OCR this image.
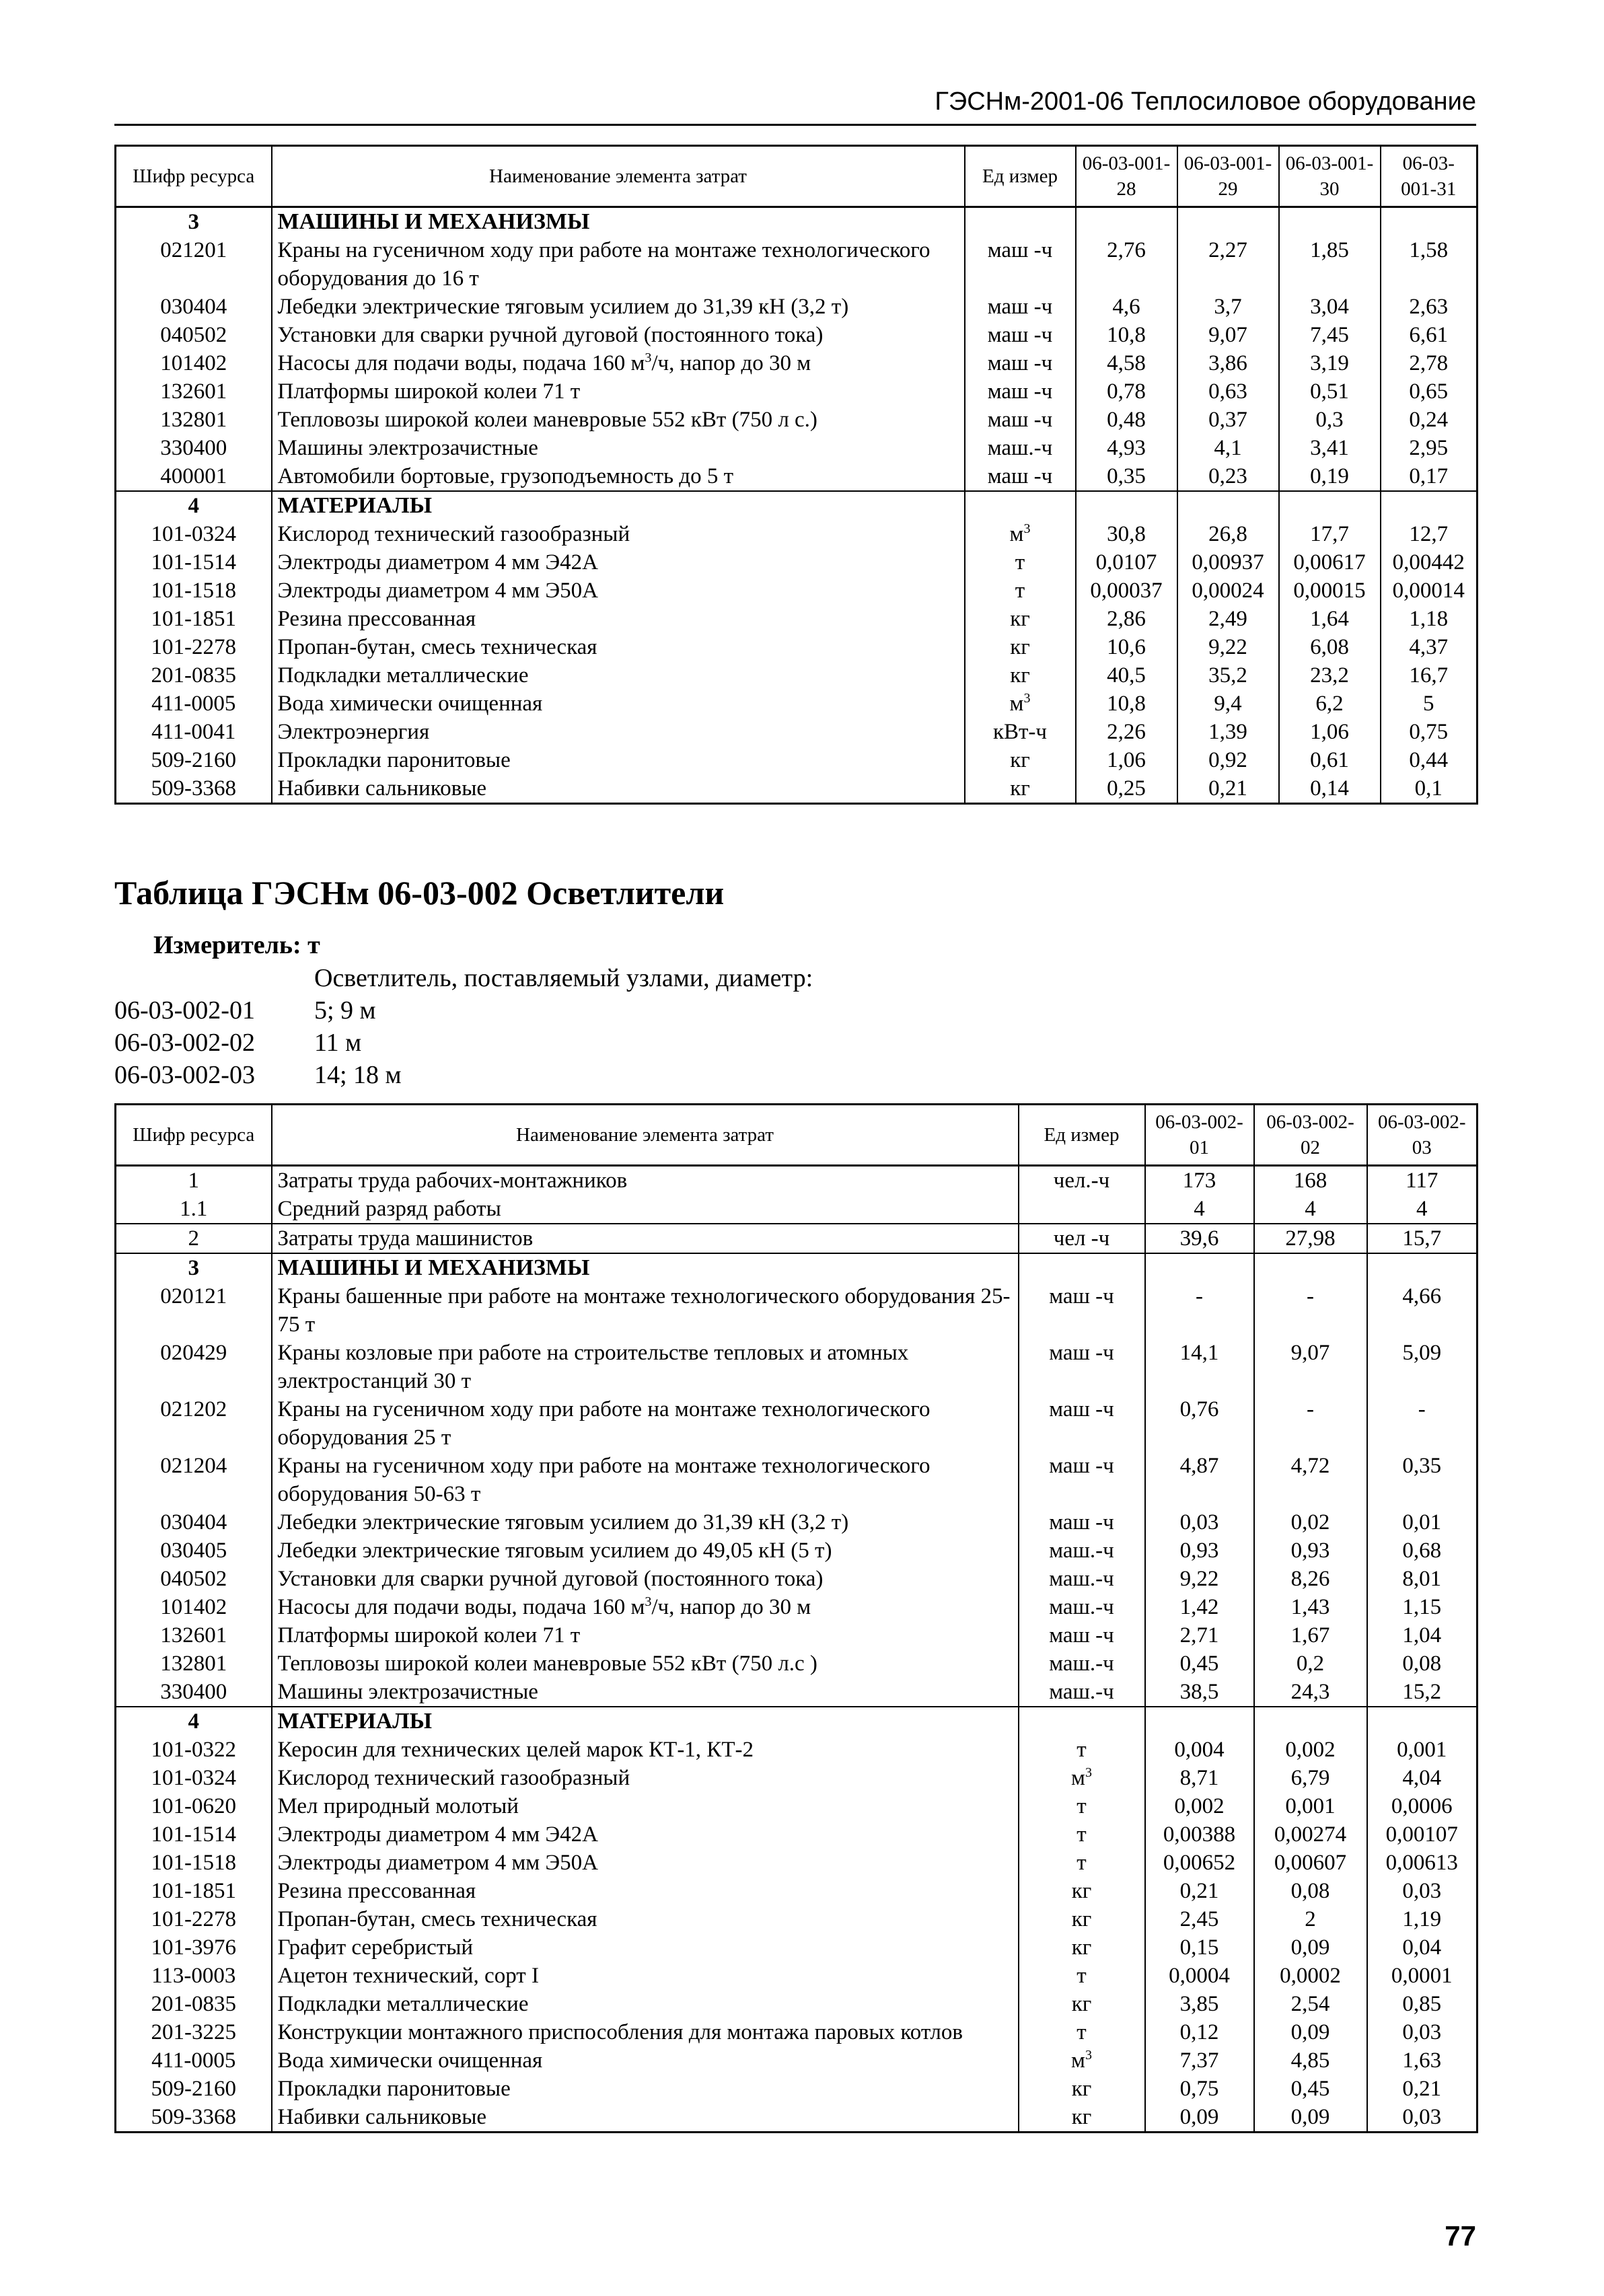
ГЭСНм-2001-06 Теплосиловое оборудование
Шифр ресурса	Наименование элемента затрат	Ед измер	06-03-001-28	06-03-001-29	06-03-001-30	06-03-001-31
3	МАШИНЫ И МЕХАНИЗМЫ					
021201	Краны на гусеничном ходу при работе на монтаже технологического оборудования до 16 т	маш -ч	2,76	2,27	1,85	1,58
030404	Лебедки электрические тяговым усилием до 31,39 кН (3,2 т)	маш -ч	4,6	3,7	3,04	2,63
040502	Установки для сварки ручной дуговой (постоянного тока)	маш -ч	10,8	9,07	7,45	6,61
101402	Насосы для подачи воды, подача 160 $м^3/ч$, напор до 30 м	маш -ч	4,58	3,86	3,19	2,78
132601	Платформы широкой колеи 71 т	маш -ч	0,78	0,63	0,51	0,65
132801	Тепловозы широкой колеи маневровые 552 кВт (750 л с.)	маш -ч	0,48	0,37	0,3	0,24
330400	Машины электрозачистные	маш.-ч	4,93	4,1	3,41	2,95
400001	Автомобили бортовые, грузоподъемность до 5 т	маш -ч	0,35	0,23	0,19	0,17
4	МАТЕРИАЛЫ					
101-0324	Кислород технический газообразный	$м^3$	30,8	26,8	17,7	12,7
101-1514	Электроды диаметром 4 мм Э42А	т	0,0107	0,00937	0,00617	0,00442
101-1518	Электроды диаметром 4 мм Э50А	т	0,00037	0,00024	0,00015	0,00014
101-1851	Резина прессованная	кг	2,86	2,49	1,64	1,18
101-2278	Пропан-бутан, смесь техническая	кг	10,6	9,22	6,08	4,37
201-0835	Подкладки металлические	кг	40,5	35,2	23,2	16,7
411-0005	Вода химически очищенная	$м^3$	10,8	9,4	6,2	5
411-0041	Электроэнергия	кВт-ч	2,26	1,39	1,06	0,75
509-2160	Прокладки паронитовые	кг	1,06	0,92	0,61	0,44
509-3368	Набивки сальниковые	кг	0,25	0,21	0,14	0,1
Таблица ГЭСНм 06-03-002 Осветлители
Измеритель: т
Осветлитель, поставляемый узлами, диаметр:
06-03-002-01 5; 9 м
06-03-002-02 11 м
06-03-002-03 14; 18 м
Шифр ресурса	Наименование элемента затрат	Ед измер	06-03-002-01	06-03-002-02	06-03-002-03
1	Затраты труда рабочих-монтажников	чел.-ч	173	168	117
1.1	Средний разряд работы		4	4	4
2	Затраты труда машинистов	чел -ч	39,6	27,98	15,7
3	МАШИНЫ И МЕХАНИЗМЫ				
020121	Краны башенные при работе на монтаже технологического оборудования 25-75 т	маш -ч	-	-	4,66
020429	Краны козловые при работе на строительстве тепловых и атомных электростанций 30 т	маш -ч	14,1	9,07	5,09
021202	Краны на гусеничном ходу при работе на монтаже технологического оборудования 25 т	маш -ч	0,76	-	-
021204	Краны на гусеничном ходу при работе на монтаже технологического оборудования 50-63 т	маш -ч	4,87	4,72	0,35
030404	Лебедки электрические тяговым усилием до 31,39 кН (3,2 т)	маш -ч	0,03	0,02	0,01
030405	Лебедки электрические тяговым усилием до 49,05 кН (5 т)	маш.-ч	0,93	0,93	0,68
040502	Установки для сварки ручной дуговой (постоянного тока)	маш.-ч	9,22	8,26	8,01
101402	Насосы для подачи воды, подача 160 $м^3/ч$, напор до 30 м	маш.-ч	1,42	1,43	1,15
132601	Платформы широкой колеи 71 т	маш -ч	2,71	1,67	1,04
132801	Тепловозы широкой колеи маневровые 552 кВт (750 л.с )	маш.-ч	0,45	0,2	0,08
330400	Машины электрозачистные	маш.-ч	38,5	24,3	15,2
4	МАТЕРИАЛЫ				
101-0322	Керосин для технических целей марок КТ-1, КТ-2	т	0,004	0,002	0,001
101-0324	Кислород технический газообразный	$м^3$	8,71	6,79	4,04
101-0620	Мел природный молотый	т	0,002	0,001	0,0006
101-1514	Электроды диаметром 4 мм Э42А	т	0,00388	0,00274	0,00107
101-1518	Электроды диаметром 4 мм Э50А	т	0,00652	0,00607	0,00613
101-1851	Резина прессованная	кг	0,21	0,08	0,03
101-2278	Пропан-бутан, смесь техническая	кг	2,45	2	1,19
101-3976	Графит серебристый	кг	0,15	0,09	0,04
113-0003	Ацетон технический, сорт I	т	0,0004	0,0002	0,0001
201-0835	Подкладки металлические	кг	3,85	2,54	0,85
201-3225	Конструкции монтажного приспособления для монтажа паровых котлов	т	0,12	0,09	0,03
411-0005	Вода химически очищенная	$м^3$	7,37	4,85	1,63
509-2160	Прокладки паронитовые	кг	0,75	0,45	0,21
509-3368	Набивки сальниковые	кг	0,09	0,09	0,03
77
